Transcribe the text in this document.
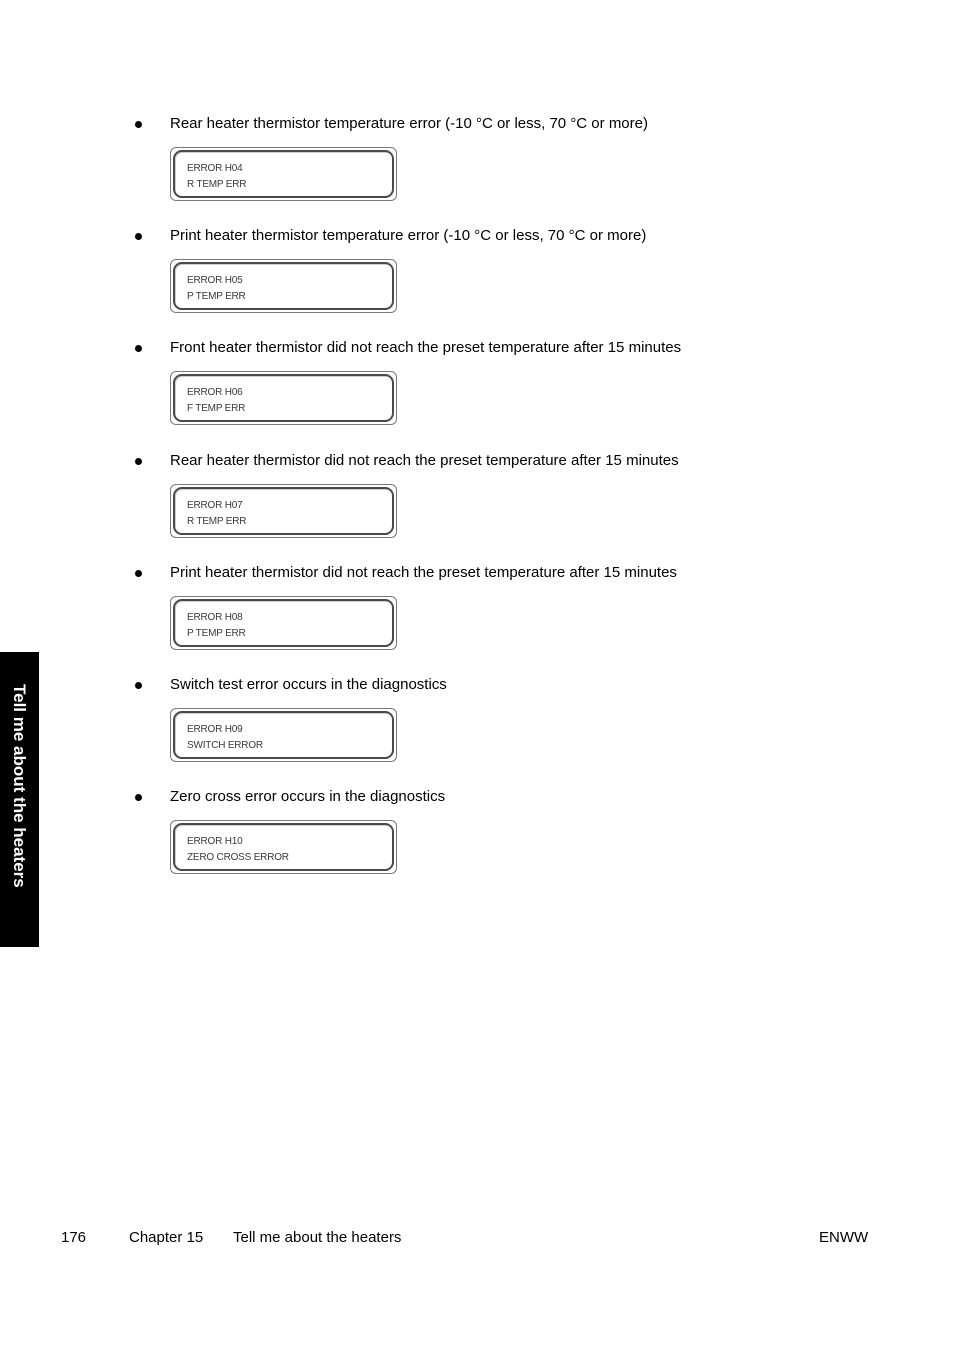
Rear heater thermistor temperature error (-10 °C or less, 70 °C or more)
ERROR H04
R TEMP ERR
Print heater thermistor temperature error (-10 °C or less, 70 °C or more)
ERROR H05
P TEMP ERR
Front heater thermistor did not reach the preset temperature after 15 minutes
ERROR H06
F TEMP ERR
Rear heater thermistor did not reach the preset temperature after 15 minutes
ERROR H07
R TEMP ERR
Print heater thermistor did not reach the preset temperature after 15 minutes
ERROR H08
P TEMP ERR
Switch test error occurs in the diagnostics
ERROR H09
SWITCH ERROR
Zero cross error occurs in the diagnostics
ERROR H10
ZERO CROSS ERROR
Tell me about the heaters
176	Chapter 15 Tell me about the heaters	ENWW
